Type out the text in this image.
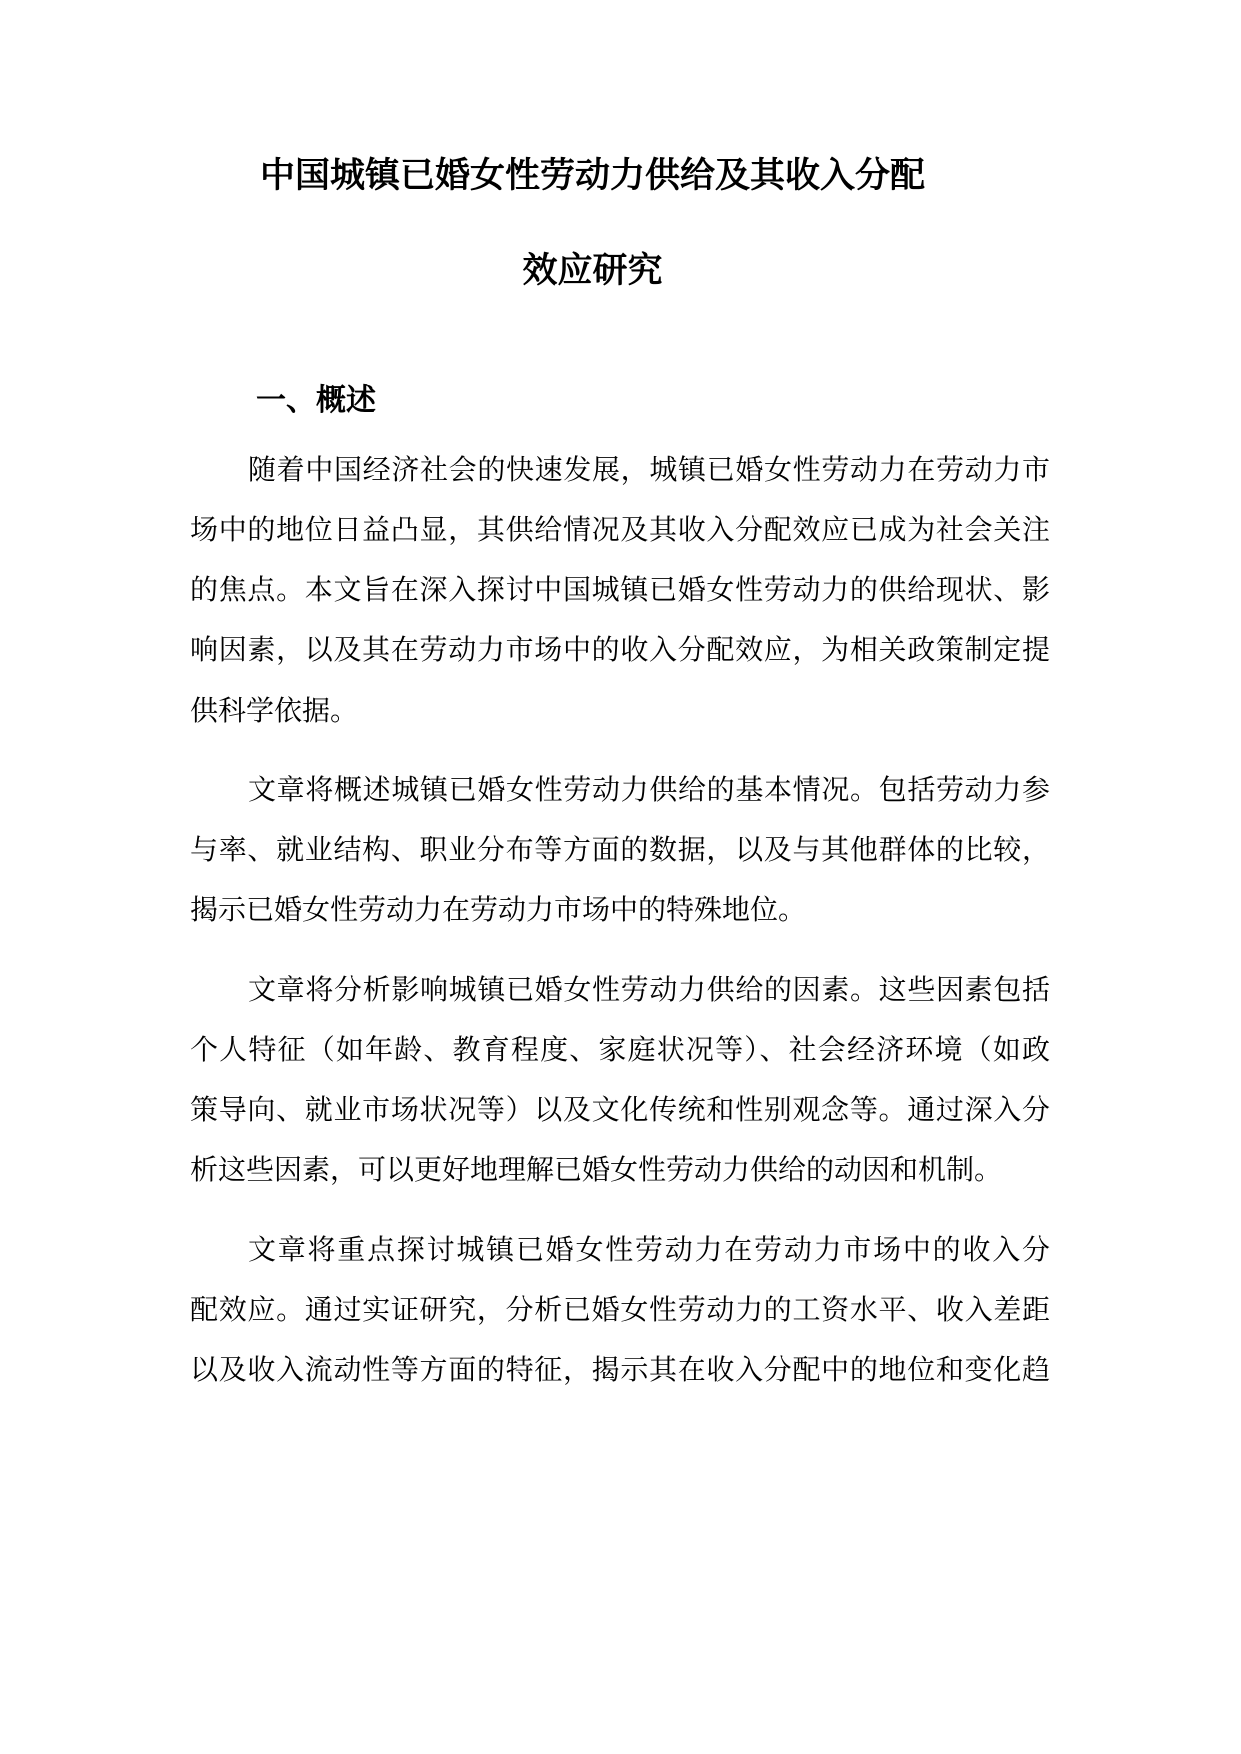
中国城镇已婚女性劳动力供给及其收入分配
效应研究
一、概述
随着中国经济社会的快速发展，城镇已婚女性劳动力在劳动力市
场中的地位日益凸显，其供给情况及其收入分配效应已成为社会关注
的焦点。本文旨在深入探讨中国城镇已婚女性劳动力的供给现状、影
响因素，以及其在劳动力市场中的收入分配效应，为相关政策制定提
供科学依据。
文章将概述城镇已婚女性劳动力供给的基本情况。包括劳动力参
与率、就业结构、职业分布等方面的数据，以及与其他群体的比较，
揭示已婚女性劳动力在劳动力市场中的特殊地位。
文章将分析影响城镇已婚女性劳动力供给的因素。这些因素包括
个人特征（如年龄、教育程度、家庭状况等）、社会经济环境（如政
策导向、就业市场状况等）以及文化传统和性别观念等。通过深入分
析这些因素，可以更好地理解已婚女性劳动力供给的动因和机制。
文章将重点探讨城镇已婚女性劳动力在劳动力市场中的收入分
配效应。通过实证研究，分析已婚女性劳动力的工资水平、收入差距
以及收入流动性等方面的特征，揭示其在收入分配中的地位和变化趋
